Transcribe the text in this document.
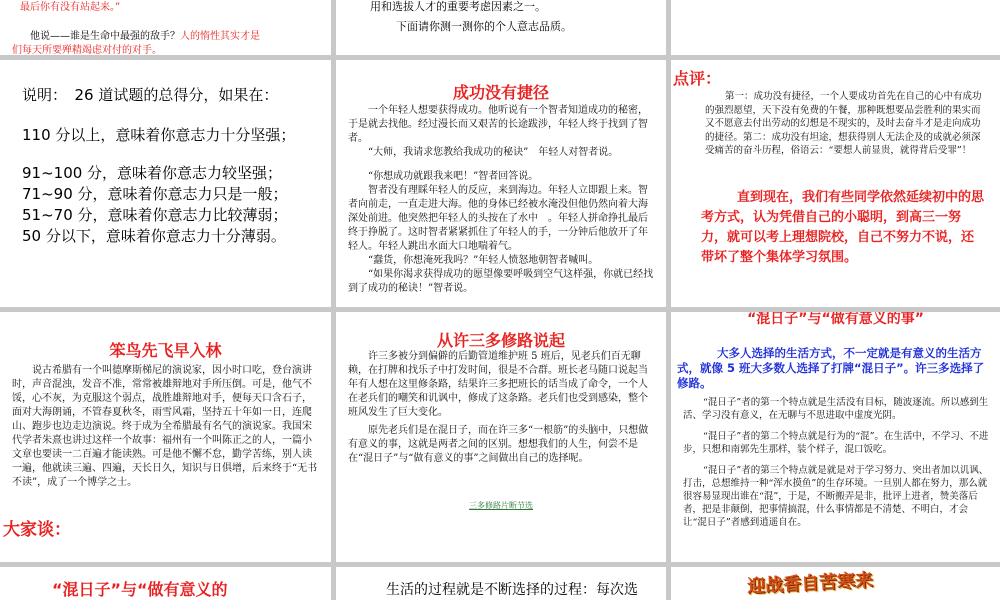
最后你有没有站起来。”

他说——谁是生命中最强的敌手？人的惰性其实才是

们每天所要殚精竭虑对付的对手。

用和选拔人才的重要考虑因素之一。

下面请你测一测你的个人意志品质。

说明：　26 道试题的总得分，如果在：

110 分以上，意味着你意志力十分坚强；

91~100 分，意味着你意志力较坚强；

71~90 分，意味着你意志力只是一般；

51~70 分，意味着你意志力比较薄弱；

50 分以下，意味着你意志力十分薄弱。

成功没有捷径

一个年轻人想要获得成功。他听说有一个智者知道成功的秘密，于是就去找他。经过漫长而又艰苦的长途跋涉，年轻人终于找到了智者。

“大师，我请求您教给我成功的秘诀”　年轻人对智者说。

“你想成功就跟我来吧！”智者回答说。

智者没有理睬年轻人的反应，来到海边。年轻人立即跟上来。智者向前走，一直走进大海。他的身体已经被水淹没但他仍然向着大海深处前进。他突然把年轻人的头按在了水中　。年轻人拼命挣扎最后终于挣脱了。这时智者紧紧抓住了年轻人的手，一分钟后他放开了年轻人。年轻人跳出水面大口地喘着气。

“蠢货，你想淹死我吗？”年轻人愤怒地朝智者喊叫。

“如果你渴求获得成功的愿望像要呼吸到空气这样强，你就已经找到了成功的秘诀！”智者说。

点评：

第一：成功没有捷径，一个人要成功首先在自己的心中有成功的强烈愿望，天下没有免费的午餐，那种既想要品尝胜利的果实而又不愿意去付出劳动的幻想是不现实的，及时去奋斗才是走向成功的捷径。第二：成功没有坦途，想获得别人无法企及的成就必须深受痛苦的奋斗历程，俗语云：“要想人前显贵，就得背后受罪”！

直到现在，我们有些同学依然延续初中的思考方式，认为凭借自己的小聪明，到高三一努力，就可以考上理想院校，自己不努力不说，还带坏了整个集体学习氛围。

笨鸟先飞早入林

说古希腊有一个叫德摩斯梯尼的演说家，因小时口吃，登台演讲时，声音混浊，发音不准，常常被雄辩地对手所压倒。可是，他气不馁，心不灰，为克服这个弱点，战胜雄辩地对手，便每天口含石子，面对大海朗诵，不管春夏秋冬，雨雪风霜，坚持五十年如一日，连爬山、跑步也边走边演说。终于成为全希腊最有名气的演说家。我国宋代学者朱熹也讲过这样一个故事：福州有一个叫陈正之的人，一篇小文章也要读一二百遍才能读熟。可是他不懈不怠，勤学苦练，别人读一遍，他就读三遍、四遍，天长日久，知识与日俱增，后来终于“无书不读”，成了一个博学之士。

大家谈：

从许三多修路说起

许三多被分到偏僻的后勤管道维护班 5 班后，见老兵们百无聊赖，在打牌和找乐子中打发时间，很是不合群。班长老马随口说起当年有人想在这里修条路，结果许三多把班长的话当成了命令，一个人在老兵们的嘲笑和讥讽中，修成了这条路。老兵们也受到感染，整个班风发生了巨大变化。

原先老兵们是在混日子，而在许三多“一根筋”的头脑中，只想做有意义的事，这就是两者之间的区别。想想我们的人生，何尝不是在“混日子”与“做有意义的事”之间做出自己的选择呢。

三多修路片断节选

“混日子”与“做有意义的事”

大多人选择的生活方式，不一定就是有意义的生活方式，就像 5 班大多数人选择了打牌“混日子”。许三多选择了修路。

“混日子”者的第一个特点就是生活没有目标，随波逐流。所以感到生活、学习没有意义，在无聊与不思进取中虚度光阴。

“混日子”者的第二个特点就是行为的“混”。在生活中，不学习、不进步，只想和南郭先生那样，装个样子，混口饭吃。

“混日子”者的第三个特点就是就是对于学习努力、突出者加以讥讽、打击，总想维持一种“浑水摸鱼”的生存环境。一旦别人都在努力，那么就很容易显现出谁在“混”，于是，不断搬弄是非，批评上进者，赞美落后者，把是非颠倒，把事情搞混，什么事情都是不清楚、不明白，才会让“混日子”者感到逍遥自在。

“混日子”与“做有意义的	生活的过程就是不断选择的过程：每次选	迎战香自苦寒来
